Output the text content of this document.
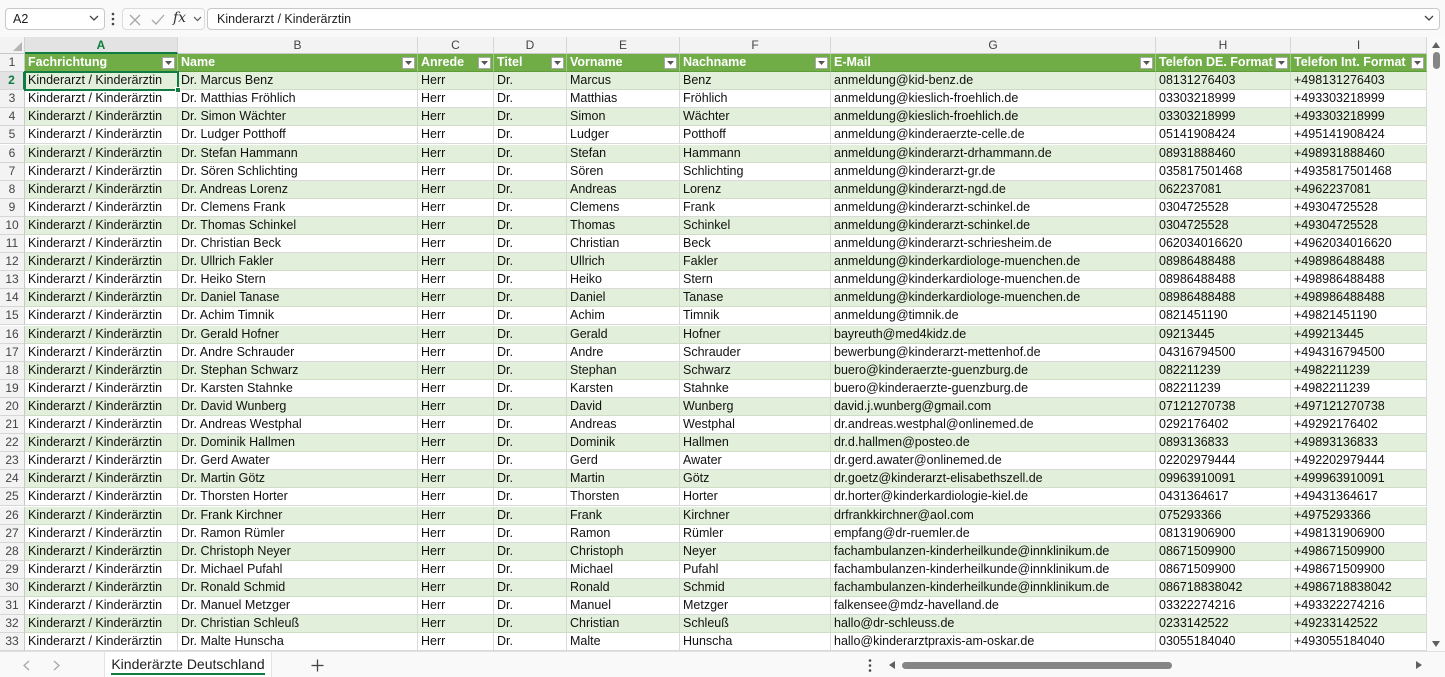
A2	fx Kinderarzt / Kinderärztin
A	B	C	D	E	F	G	H	I
1	Fachrichtung	Name	Anrede	Titel	Vorname	Nachname	E-Mail	Telefon DE. Format	Telefon Int. Format
2	Kinderarzt / Kinderärztin	Dr. Marcus Benz	Herr	Dr.	Marcus	Benz	anmeldung@kid-benz.de	08131276403	+498131276403
3	Kinderarzt / Kinderärztin	Dr. Matthias Fröhlich	Herr	Dr.	Matthias	Fröhlich	anmeldung@kieslich-froehlich.de	03303218999	+493303218999
4	Kinderarzt / Kinderärztin	Dr. Simon Wächter	Herr	Dr.	Simon	Wächter	anmeldung@kieslich-froehlich.de	03303218999	+493303218999
5	Kinderarzt / Kinderärztin	Dr. Ludger Potthoff	Herr	Dr.	Ludger	Potthoff	anmeldung@kinderaerzte-celle.de	05141908424	+495141908424
6	Kinderarzt / Kinderärztin	Dr. Stefan Hammann	Herr	Dr.	Stefan	Hammann	anmeldung@kinderarzt-drhammann.de	08931888460	+498931888460
7	Kinderarzt / Kinderärztin	Dr. Sören Schlichting	Herr	Dr.	Sören	Schlichting	anmeldung@kinderarzt-gr.de	035817501468	+4935817501468
8	Kinderarzt / Kinderärztin	Dr. Andreas Lorenz	Herr	Dr.	Andreas	Lorenz	anmeldung@kinderarzt-ngd.de	062237081	+4962237081
9	Kinderarzt / Kinderärztin	Dr. Clemens Frank	Herr	Dr.	Clemens	Frank	anmeldung@kinderarzt-schinkel.de	0304725528	+49304725528
10 Kinderarzt / Kinderärztin	Dr. Thomas Schinkel	Herr	Dr.	Thomas	Schinkel	anmeldung@kinderarzt-schinkel.de	0304725528	+49304725528
11 Kinderarzt / Kinderärztin	Dr. Christian Beck	Herr	Dr.	Christian	Beck	anmeldung@kinderarzt-schriesheim.de	062034016620	+4962034016620
12 Kinderarzt / Kinderärztin	Dr. Ullrich Fakler	Herr	Dr.	Ullrich	Fakler	anmeldung@kinderkardiologe-muenchen.de	08986488488	+498986488488
13 Kinderarzt / Kinderärztin	Dr. Heiko Stern	Herr	Dr.	Heiko	Stern	anmeldung@kinderkardiologe-muenchen.de	08986488488	+498986488488
14 Kinderarzt / Kinderärztin	Dr. Daniel Tanase	Herr	Dr.	Daniel	Tanase	anmeldung@kinderkardiologe-muenchen.de	08986488488	+498986488488
15 Kinderarzt / Kinderärztin	Dr. Achim Timnik	Herr	Dr.	Achim	Timnik	anmeldung@timnik.de	0821451190	+49821451190
16 Kinderarzt / Kinderärztin	Dr. Gerald Hofner	Herr	Dr.	Gerald	Hofner	bayreuth@med4kidz.de	09213445	+499213445
17 Kinderarzt / Kinderärztin	Dr. Andre Schrauder	Herr	Dr.	Andre	Schrauder	bewerbung@kinderarzt-mettenhof.de	04316794500	+494316794500
18 Kinderarzt / Kinderärztin	Dr. Stephan Schwarz	Herr	Dr.	Stephan	Schwarz	buero@kinderaerzte-guenzburg.de	082211239	+4982211239
19 Kinderarzt / Kinderärztin	Dr. Karsten Stahnke	Herr	Dr.	Karsten	Stahnke	buero@kinderaerzte-guenzburg.de	082211239	+4982211239
20 Kinderarzt / Kinderärztin	Dr. David Wunberg	Herr	Dr.	David	Wunberg	david.j.wunberg@gmail.com	07121270738	+497121270738
21 Kinderarzt / Kinderärztin	Dr. Andreas Westphal	Herr	Dr.	Andreas	Westphal	dr.andreas.westphal@onlinemed.de	0292176402	+49292176402
22 Kinderarzt / Kinderärztin	Dr. Dominik Hallmen	Herr	Dr.	Dominik	Hallmen	dr.d.hallmen@posteo.de	0893136833	+49893136833
23 Kinderarzt / Kinderärztin	Dr. Gerd Awater	Herr	Dr.	Gerd	Awater	dr.gerd.awater@onlinemed.de	02202979444	+492202979444
24 Kinderarzt / Kinderärztin	Dr. Martin Götz	Herr	Dr.	Martin	Götz	dr.goetz@kinderarzt-elisabethszell.de	09963910091	+499963910091
25 Kinderarzt / Kinderärztin	Dr. Thorsten Horter	Herr	Dr.	Thorsten	Horter	dr.horter@kinderkardiologie-kiel.de	0431364617	+49431364617
26 Kinderarzt / Kinderärztin	Dr. Frank Kirchner	Herr	Dr.	Frank	Kirchner	drfrankkirchner@aol.com	075293366	+4975293366
27 Kinderarzt / Kinderärztin	Dr. Ramon Rümler	Herr	Dr.	Ramon	Rümler	empfang@dr-ruemler.de	08131906900	+498131906900
28 Kinderarzt / Kinderärztin	Dr. Christoph Neyer	Herr	Dr.	Christoph	Neyer	fachambulanzen-kinderheilkunde@innklinikum.de	08671509900	+498671509900
29 Kinderarzt / Kinderärztin	Dr. Michael Pufahl	Herr	Dr.	Michael	Pufahl	fachambulanzen-kinderheilkunde@innklinikum.de	08671509900	+498671509900
30 Kinderarzt / Kinderärztin	Dr. Ronald Schmid	Herr	Dr.	Ronald	Schmid	fachambulanzen-kinderheilkunde@innklinikum.de	086718838042	+4986718838042
31 Kinderarzt / Kinderärztin	Dr. Manuel Metzger	Herr	Dr.	Manuel	Metzger	falkensee@mdz-havelland.de	03322274216	+493322274216
32 Kinderarzt / Kinderärztin	Dr. Christian Schleuß	Herr	Dr.	Christian	Schleuß	hallo@dr-schleuss.de	0233142522	+49233142522
33 Kinderarzt / Kinderärztin	Dr. Malte Hunscha	Herr	Dr.	Malte	Hunscha	hallo@kinderarztpraxis-am-oskar.de	03055184040	+493055184040
Kinderärzte Deutschland
